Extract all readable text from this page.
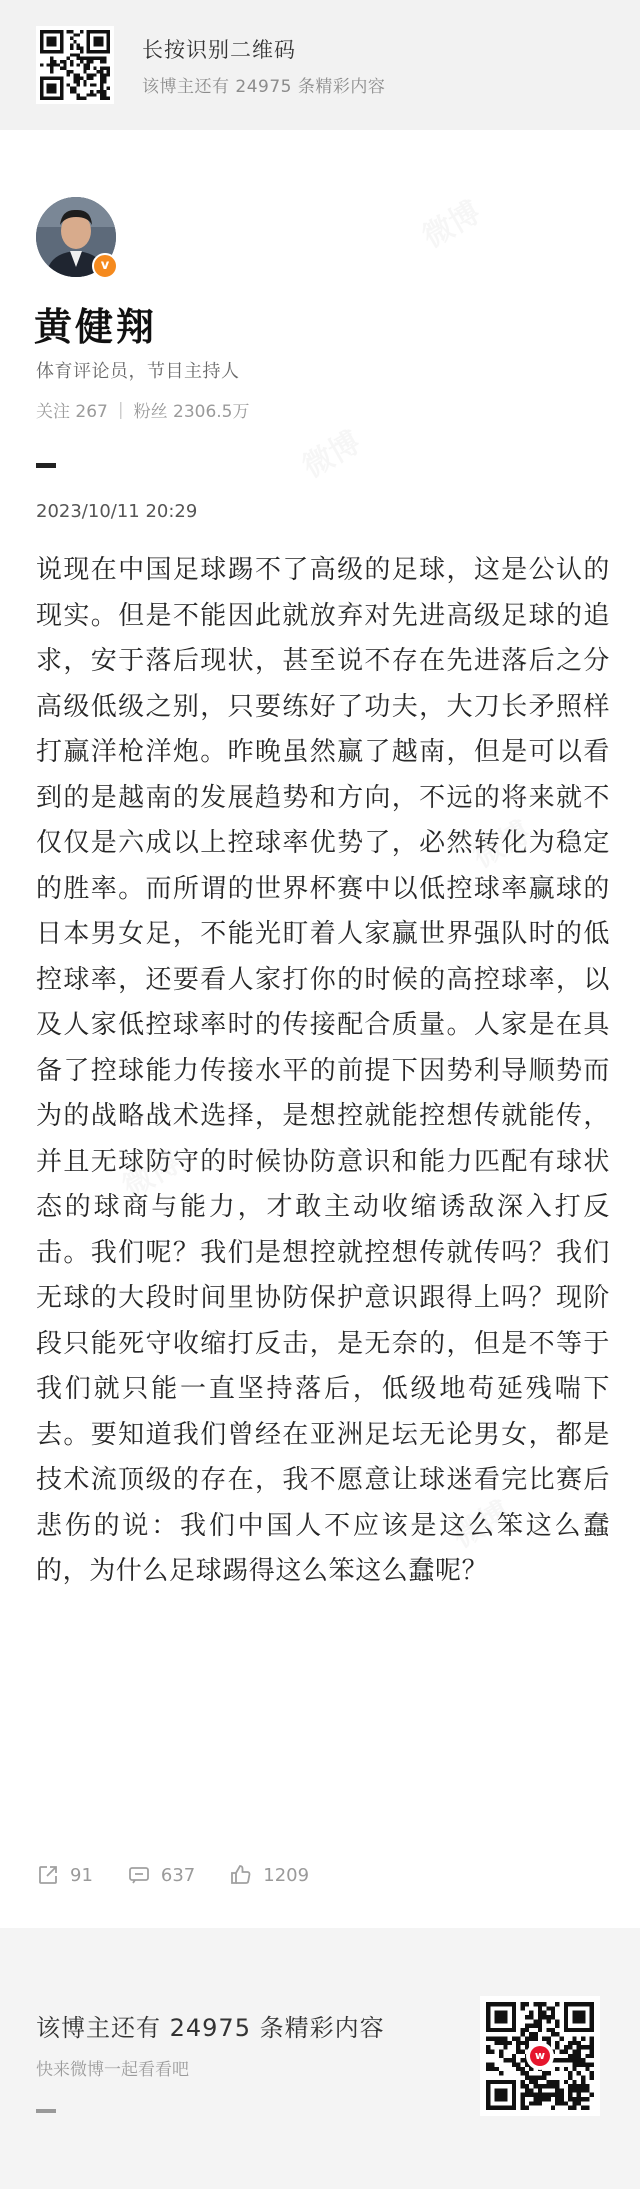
长按识别二维码
该博主还有 24975 条精彩内容
v
黄健翔
体育评论员，节目主持人
关注 267 | 粉丝 2306.5万
2023/10/11 20:29

说现在中国足球踢不了高级的足球，这是公认的现实。但是不能因此就放弃对先进高级足球的追求，安于落后现状，甚至说不存在先进落后之分高级低级之别，只要练好了功夫，大刀长矛照样打赢洋枪洋炮。昨晚虽然赢了越南，但是可以看到的是越南的发展趋势和方向，不远的将来就不仅仅是六成以上控球率优势了，必然转化为稳定的胜率。而所谓的世界杯赛中以低控球率赢球的日本男女足，不能光盯着人家赢世界强队时的低控球率，还要看人家打你的时候的高控球率，以及人家低控球率时的传接配合质量。人家是在具备了控球能力传接水平的前提下因势利导顺势而为的战略战术选择，是想控就能控想传就能传，并且无球防守的时候协防意识和能力匹配有球状态的球商与能力，才敢主动收缩诱敌深入打反击。我们呢？我们是想控就控想传就传吗？我们无球的大段时间里协防保护意识跟得上吗？现阶段只能死守收缩打反击，是无奈的，但是不等于我们就只能一直坚持落后，低级地苟延残喘下去。要知道我们曾经在亚洲足坛无论男女，都是技术流顶级的存在，我不愿意让球迷看完比赛后悲伤的说：我们中国人不应该是这么笨这么蠢的，为什么足球踢得这么笨这么蠢呢？

91	637	1209
该博主还有 24975 条精彩内容
快来微博一起看看吧
w
